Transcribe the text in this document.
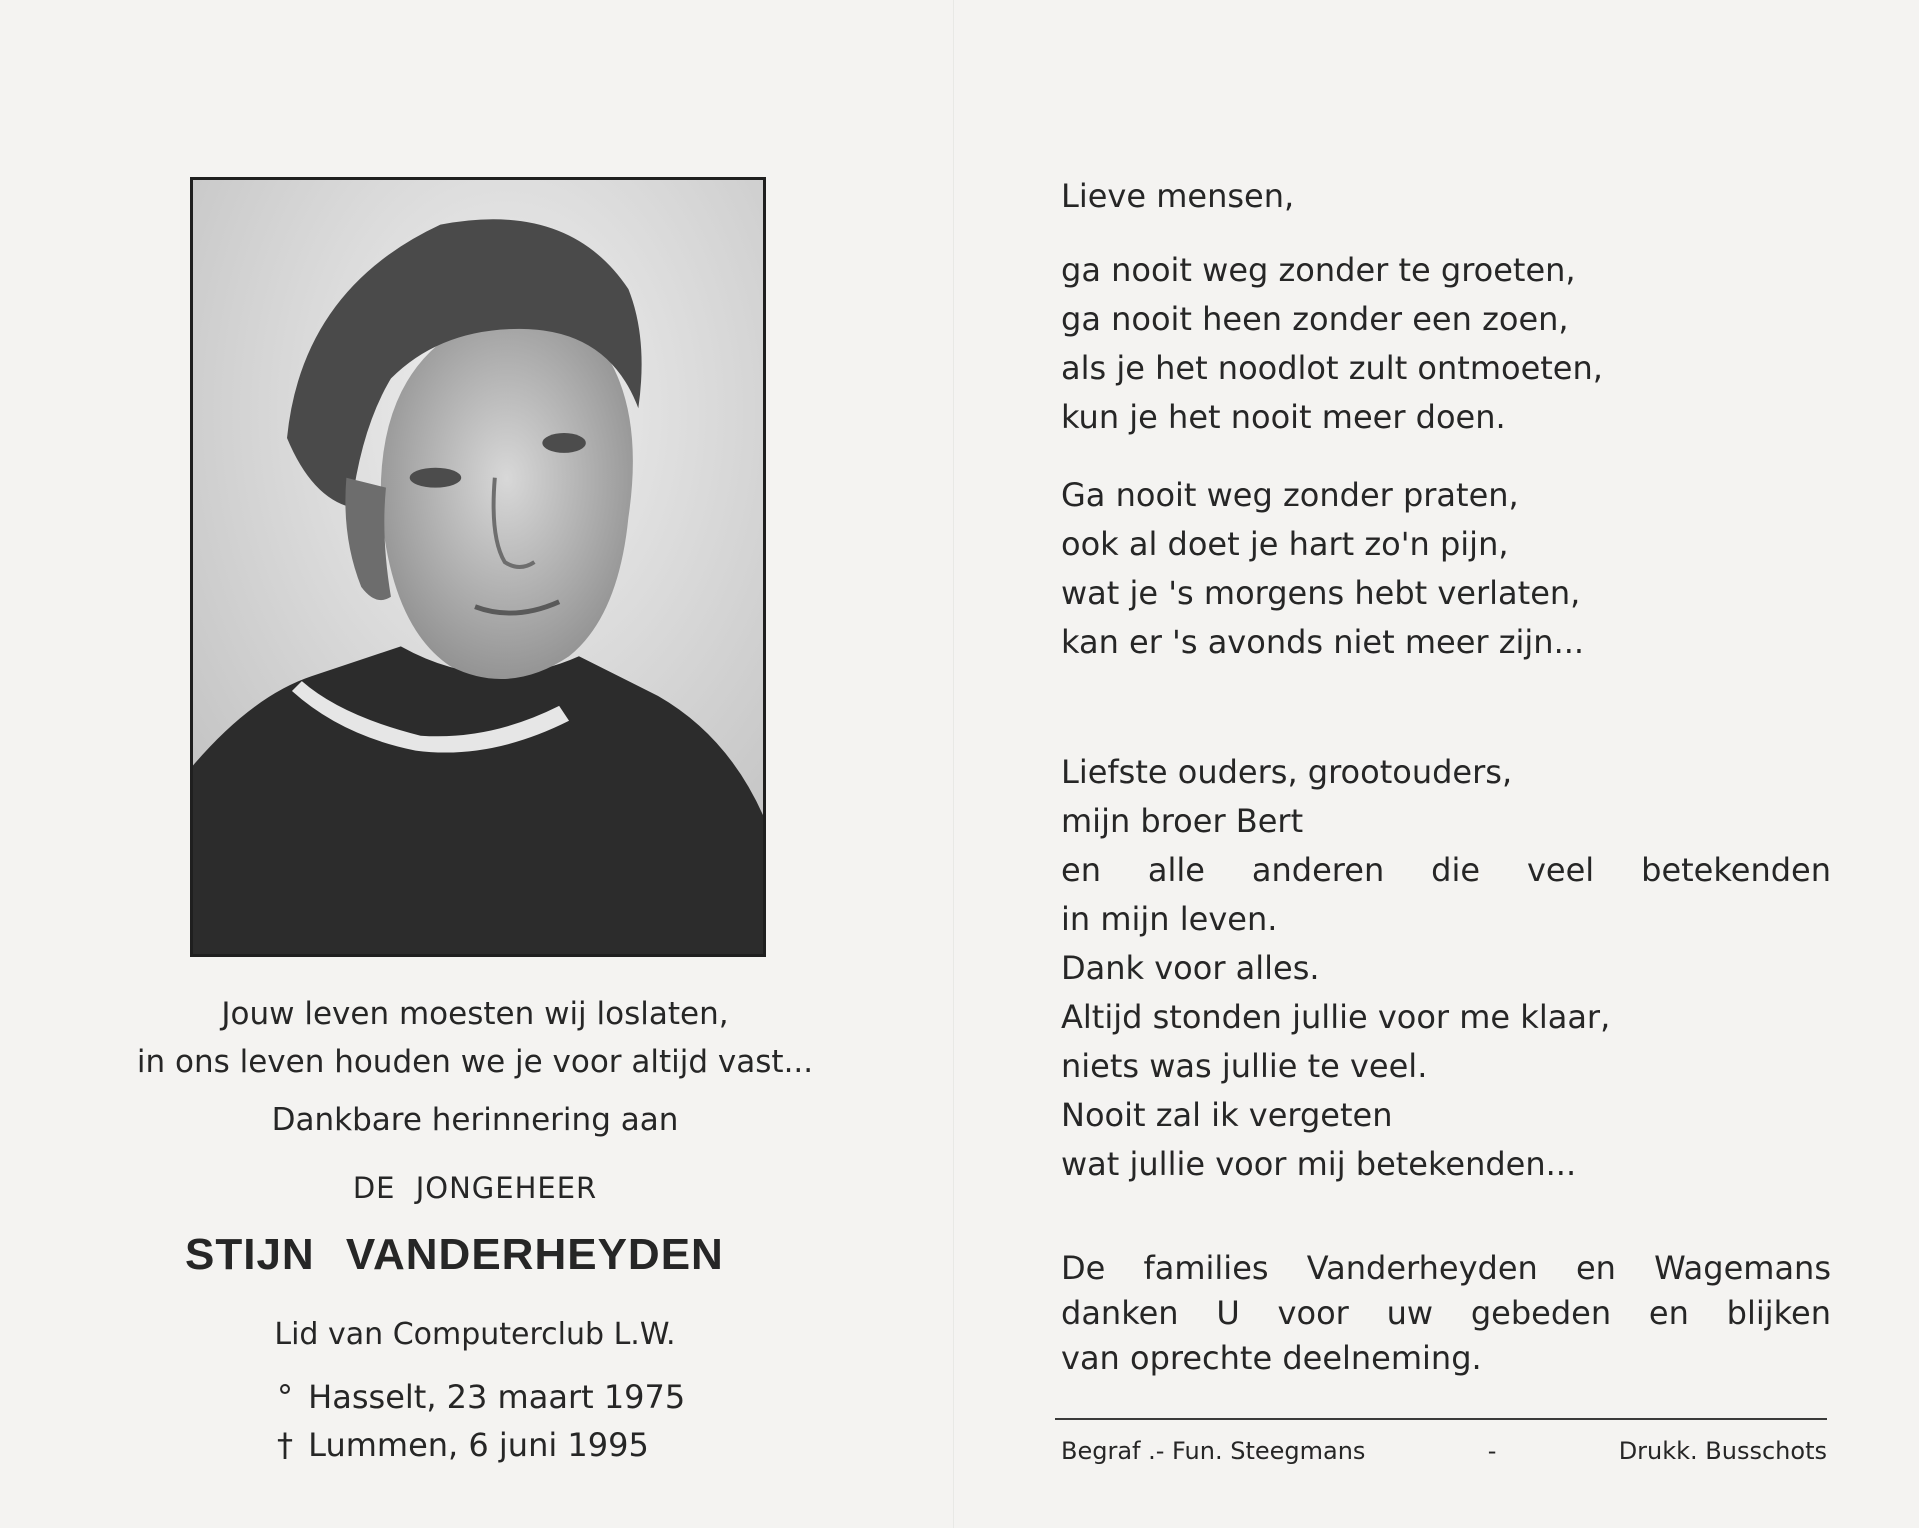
Jouw leven moesten wij loslaten,
in ons leven houden we je voor altijd vast...
Dankbare herinnering aan
DE JONGEHEER
STIJN VANDERHEYDEN
Lid van Computerclub L.W.
° Hasselt, 23 maart 1975
† Lummen, 6 juni 1995
Lieve mensen,
ga nooit weg zonder te groeten,
ga nooit heen zonder een zoen,
als je het noodlot zult ontmoeten,
kun je het nooit meer doen.
Ga nooit weg zonder praten,
ook al doet je hart zo'n pijn,
wat je 's morgens hebt verlaten,
kan er 's avonds niet meer zijn...
Liefste ouders, grootouders,
mijn broer Bert
en alle anderen die veel betekenden
in mijn leven.
Dank voor alles.
Altijd stonden jullie voor me klaar,
niets was jullie te veel.
Nooit zal ik vergeten
wat jullie voor mij betekenden...
De families Vanderheyden en Wagemans
danken U voor uw gebeden en blijken
van oprechte deelneming.
Begraf .- Fun. Steegmans	-	Drukk. Busschots
